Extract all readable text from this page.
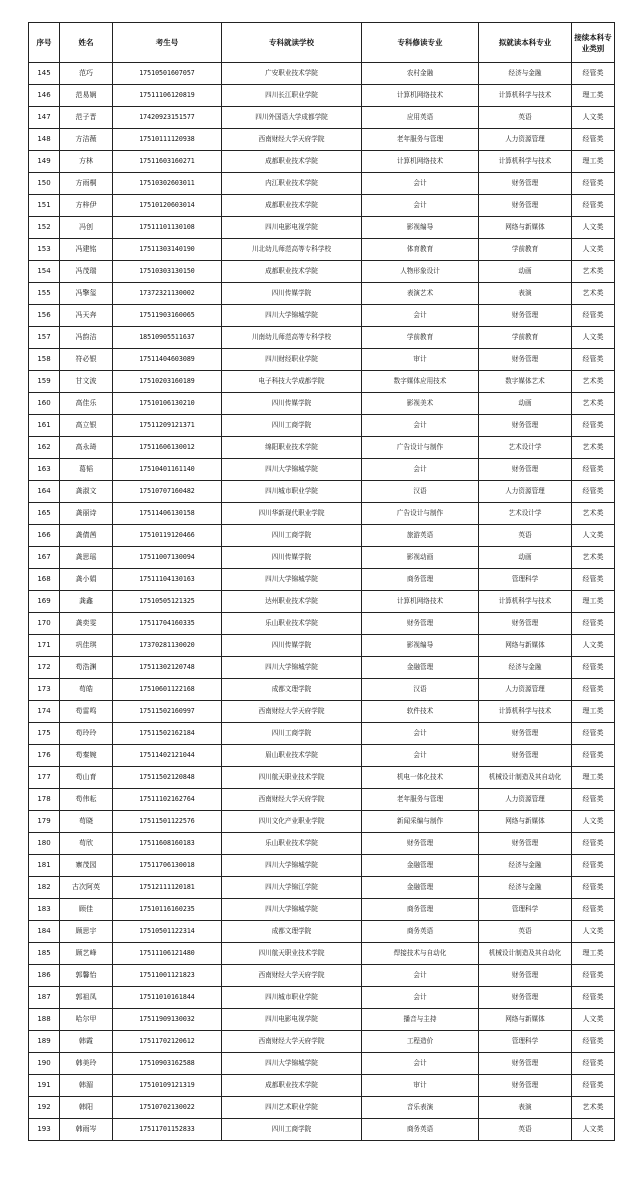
序号	姓名	考生号	专科就读学校	专科修读专业	拟就读本科专业	接续本科专业类别
145	范巧	17510501607057	广安职业技术学院	农村金融	经济与金融	经管类
146	范易娴	17511106120819	四川长江职业学院	计算机网络技术	计算机科学与技术	理工类
147	范子晋	17420923151577	四川外国语大学成都学院	应用英语	英语	人文类
148	方洁薇	17510111120938	西南财经大学天府学院	老年服务与管理	人力资源管理	经管类
149	方林	17511603160271	成都职业技术学院	计算机网络技术	计算机科学与技术	理工类
150	方雨桐	17510302603011	内江职业技术学院	会计	财务管理	经管类
151	方梓伊	17510120603014	成都职业技术学院	会计	财务管理	经管类
152	冯创	17511101130108	四川电影电视学院	影视编导	网络与新媒体	人文类
153	冯建铭	17511303140190	川北幼儿师范高等专科学校	体育教育	学前教育	人文类
154	冯茂瑞	17510303130150	成都职业技术学院	人物形象设计	动画	艺术类
155	冯擎玺	17372321130002	四川传媒学院	表演艺术	表演	艺术类
156	冯天奔	17511903160065	四川大学锦城学院	会计	财务管理	经管类
157	冯韵洁	18510905511637	川南幼儿师范高等专科学校	学前教育	学前教育	人文类
158	符必银	17511404603089	四川财经职业学院	审计	财务管理	经管类
159	甘文波	17510203160189	电子科技大学成都学院	数字媒体应用技术	数字媒体艺术	艺术类
160	高佳乐	17510106130210	四川传媒学院	影视美术	动画	艺术类
161	高立银	17511209121371	四川工商学院	会计	财务管理	经管类
162	高永琦	17511606130012	绵阳职业技术学院	广告设计与制作	艺术设计学	艺术类
163	葛韬	17510401161140	四川大学锦城学院	会计	财务管理	经管类
164	龚淑文	17510707160482	四川城市职业学院	汉语	人力资源管理	经管类
165	龚丽诗	17511406130158	四川华新现代职业学院	广告设计与制作	艺术设计学	艺术类
166	龚倩茜	17510119120466	四川工商学院	旅游英语	英语	人文类
167	龚思瑶	17511007130094	四川传媒学院	影视动画	动画	艺术类
168	龚小娟	17511104130163	四川大学锦城学院	商务管理	管理科学	经管类
169	龚鑫	17510505121325	达州职业技术学院	计算机网络技术	计算机科学与技术	理工类
170	龚奕雯	17511704160335	乐山职业技术学院	财务管理	财务管理	经管类
171	巩佳琪	17370281130020	四川传媒学院	影视编导	网络与新媒体	人文类
172	苟浩渊	17511302120748	四川大学锦城学院	金融管理	经济与金融	经管类
173	苟皓	17510601122168	成都文理学院	汉语	人力资源管理	经管类
174	苟雷鸣	17511502160997	西南财经大学天府学院	软件技术	计算机科学与技术	理工类
175	苟玲玲	17511502162184	四川工商学院	会计	财务管理	经管类
176	苟秦婉	17511402121044	眉山职业技术学院	会计	财务管理	经管类
177	苟山育	17511502120848	四川航天职业技术学院	机电一体化技术	机械设计制造及其自动化	理工类
178	苟伟耘	17511102162764	西南财经大学天府学院	老年服务与管理	人力资源管理	经管类
179	苟晓	17511501122576	四川文化产业职业学院	新闻采编与制作	网络与新媒体	人文类
180	苟欣	17511608160183	乐山职业技术学院	财务管理	财务管理	经管类
181	寨茂园	17511706130018	四川大学锦城学院	金融管理	经济与金融	经管类
182	古次阿英	17512111120181	四川大学锦江学院	金融管理	经济与金融	经管类
183	顾佳	17510116160235	四川大学锦城学院	商务管理	管理科学	经管类
184	顾思宇	17510501122314	成都文理学院	商务英语	英语	人文类
185	顾艺峰	17511106121480	四川航天职业技术学院	焊接技术与自动化	机械设计制造及其自动化	理工类
186	郭馨怡	17511001121823	西南财经大学天府学院	会计	财务管理	经管类
187	郭祖凤	17511010161844	四川城市职业学院	会计	财务管理	经管类
188	哈尔甲	17511909130032	四川电影电视学院	播音与主持	网络与新媒体	人文类
189	韩霞	17511702120612	西南财经大学天府学院	工程造价	管理科学	经管类
190	韩美玲	17510903162588	四川大学锦城学院	会计	财务管理	经管类
191	韩湄	17510109121319	成都职业技术学院	审计	财务管理	经管类
192	韩阳	17510702130022	四川艺术职业学院	音乐表演	表演	艺术类
193	韩雨岑	17511701152833	四川工商学院	商务英语	英语	人文类
